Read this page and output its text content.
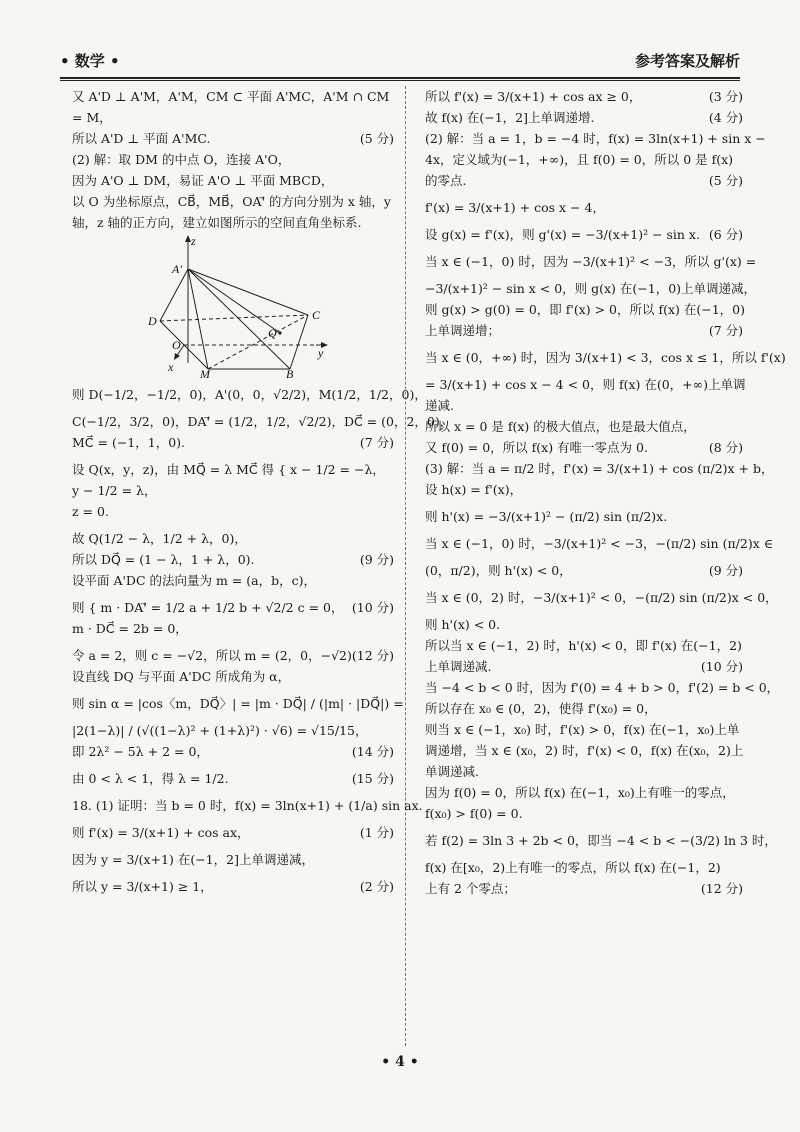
• 数学 •	参考答案及解析
又 A'D ⊥ A'M，A'M，CM ⊂ 平面 A'MC，A'M ∩ CM
= M，
所以 A'D ⊥ 平面 A'MC.	(5 分)
(2) 解：取 DM 的中点 O，连接 A'O，
因为 A'O ⊥ DM，易证 A'O ⊥ 平面 MBCD，
以 O 为坐标原点，CB⃗，MB⃗，OA'⃗ 的方向分别为 x 轴，y
轴，z 轴的正方向，建立如图所示的空间直角坐标系.
z
A'
C
D
Q
O
y
x M	B
则 D(−1/2，−1/2，0)，A'(0，0，√2/2)，M(1/2，1/2，0)，
C(−1/2，3/2，0)，DA'⃗ = (1/2，1/2，√2/2)，DC⃗ = (0，2，0)，
MC⃗ = (−1，1，0).	(7 分)
设 Q(x，y，z)，由 MQ⃗ = λ MC⃗ 得 { x − 1/2 = −λ，
y − 1/2 = λ，
z = 0.
故 Q(1/2 − λ，1/2 + λ，0)，
所以 DQ⃗ = (1 − λ，1 + λ，0).	(9 分)
设平面 A'DC 的法向量为 m = (a，b，c)，
则 { m · DA'⃗ = 1/2 a + 1/2 b + √2/2 c = 0， (10 分)
m · DC⃗ = 2b = 0，
令 a = 2，则 c = −√2，所以 m = (2，0，−√2).
(12 分)
设直线 DQ 与平面 A'DC 所成角为 α，
则 sin α = |cos〈m，DQ⃗〉| = |m · DQ⃗| / (|m| · |DQ⃗|) =
|2(1−λ)| / (√((1−λ)² + (1+λ)²) · √6) = √15/15，
即 2λ² − 5λ + 2 = 0，	(14 分)
由 0 < λ < 1，得 λ = 1/2.	(15 分)
18. (1) 证明：当 b = 0 时，f(x) = 3ln(x+1) + (1/a) sin ax.
则 f'(x) = 3/(x+1) + cos ax，	(1 分)
因为 y = 3/(x+1) 在(−1，2]上单调递减，
所以 y = 3/(x+1) ≥ 1，	(2 分)
所以 f'(x) = 3/(x+1) + cos ax ≥ 0，	(3 分)
故 f(x) 在(−1，2]上单调递增.	(4 分)
(2) 解：当 a = 1，b = −4 时，f(x) = 3ln(x+1) + sin x −
4x，定义域为(−1，+∞)，且 f(0) = 0，所以 0 是 f(x)
的零点.	(5 分)
f'(x) = 3/(x+1) + cos x − 4，
设 g(x) = f'(x)，则 g'(x) = −3/(x+1)² − sin x. (6 分)
当 x ∈ (−1，0) 时，因为 −3/(x+1)² < −3，所以 g'(x) =
−3/(x+1)² − sin x < 0，则 g(x) 在(−1，0)上单调递减，
则 g(x) > g(0) = 0，即 f'(x) > 0，所以 f(x) 在(−1，0)
上单调递增；	(7 分)
当 x ∈ (0，+∞) 时，因为 3/(x+1) < 3，cos x ≤ 1，所以 f'(x)
= 3/(x+1) + cos x − 4 < 0，则 f(x) 在(0，+∞)上单调
递减.
所以 x = 0 是 f(x) 的极大值点，也是最大值点，
又 f(0) = 0，所以 f(x) 有唯一零点为 0.	(8 分)
(3) 解：当 a = π/2 时，f'(x) = 3/(x+1) + cos (π/2)x + b，
设 h(x) = f'(x)，
则 h'(x) = −3/(x+1)² − (π/2) sin (π/2)x.
当 x ∈ (−1，0) 时，−3/(x+1)² < −3，−(π/2) sin (π/2)x ∈
(0，π/2)，则 h'(x) < 0，	(9 分)
当 x ∈ (0，2) 时，−3/(x+1)² < 0，−(π/2) sin (π/2)x < 0，
则 h'(x) < 0.
所以当 x ∈ (−1，2) 时，h'(x) < 0，即 f'(x) 在(−1，2)
上单调递减.	(10 分)
当 −4 < b < 0 时，因为 f'(0) = 4 + b > 0，f'(2) = b < 0，
所以存在 x₀ ∈ (0，2)，使得 f'(x₀) = 0，
则当 x ∈ (−1，x₀) 时，f'(x) > 0，f(x) 在(−1，x₀)上单
调递增，当 x ∈ (x₀，2) 时，f'(x) < 0，f(x) 在(x₀，2)上
单调递减.
因为 f(0) = 0，所以 f(x) 在(−1，x₀)上有唯一的零点，
f(x₀) > f(0) = 0.
若 f(2) = 3ln 3 + 2b < 0，即当 −4 < b < −(3/2) ln 3 时，
f(x) 在[x₀，2)上有唯一的零点，所以 f(x) 在(−1，2)
上有 2 个零点；	(12 分)
• 4 •
